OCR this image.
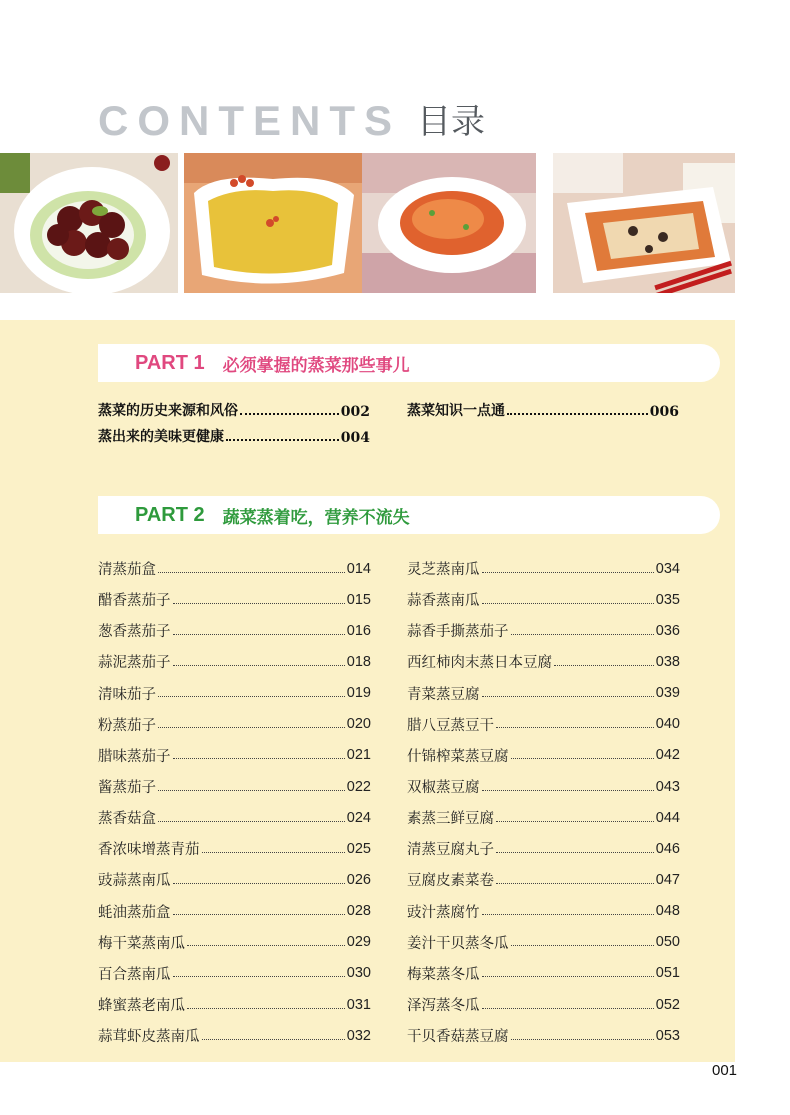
CONTENTS 目录
PART 1 必须掌握的蒸菜那些事儿
蒸菜的历史来源和风俗	002
蒸出来的美味更健康	004
蒸菜知识一点通	006
PART 2 蔬菜蒸着吃，营养不流失
清蒸茄盒	014
醋香蒸茄子	015
葱香蒸茄子	016
蒜泥蒸茄子	018
清味茄子	019
粉蒸茄子	020
腊味蒸茄子	021
酱蒸茄子	022
蒸香菇盒	024
香浓味增蒸青茄	025
豉蒜蒸南瓜	026
蚝油蒸茄盒	028
梅干菜蒸南瓜	029
百合蒸南瓜	030
蜂蜜蒸老南瓜	031
蒜茸虾皮蒸南瓜	032
灵芝蒸南瓜	034
蒜香蒸南瓜	035
蒜香手撕蒸茄子	036
西红柿肉末蒸日本豆腐	038
青菜蒸豆腐	039
腊八豆蒸豆干	040
什锦榨菜蒸豆腐	042
双椒蒸豆腐	043
素蒸三鲜豆腐	044
清蒸豆腐丸子	046
豆腐皮素菜卷	047
豉汁蒸腐竹	048
姜汁干贝蒸冬瓜	050
梅菜蒸冬瓜	051
泽泻蒸冬瓜	052
干贝香菇蒸豆腐	053
001
